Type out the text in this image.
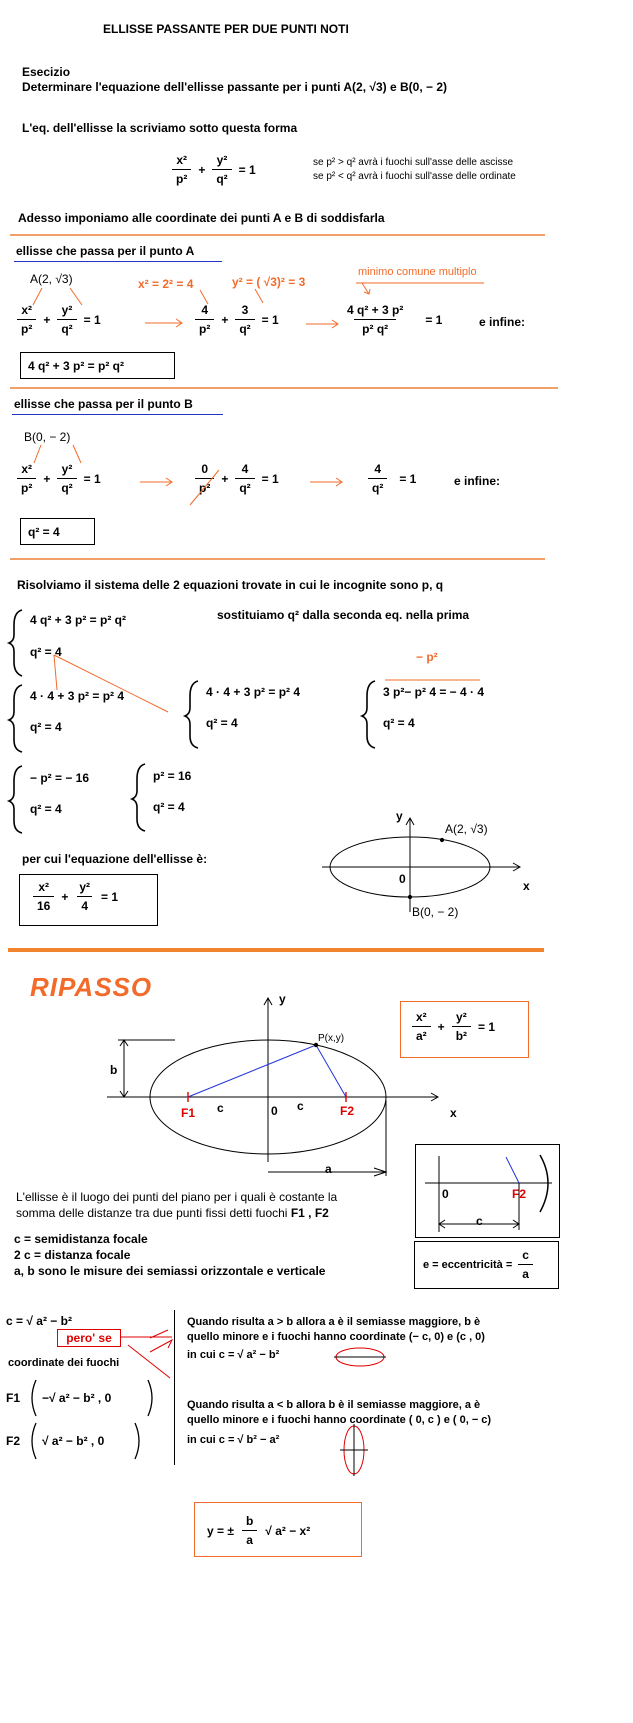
ELLISSE PASSANTE PER DUE PUNTI NOTI
Esecizio
Determinare l'equazione dell'ellisse passante per i punti A(2, √3) e B(0, − 2)
L'eq. dell'ellisse la scriviamo sotto questa forma
$\frac{\text{x²}}{\text{p²}} + \frac{\text{y²}}{\text{q²}} = 1$	se p² > q² avrà i fuochi sull'asse delle ascisse
se p² < q² avrà i fuochi sull'asse delle ordinate
Adesso imponiamo alle coordinate dei punti A e B di soddisfarla
ellisse che passa per il punto A
A(2, √3)	x² = 2² = 4	y² = ( √3)² = 3
minimo comune multiplo
$\frac{\text{x²}}{\text{p²}} + \frac{\text{y²}}{\text{q²}} = 1$	$\frac{4}{\text{p²}} + \frac{3}{\text{q²}} = 1$	$\frac{\text{4 q² + 3 p²}}{\text{p² q²}} = 1$	e infine:
4 q² + 3 p² = p² q²
ellisse che passa per il punto B
B(0, − 2)
$\frac{\text{x²}}{\text{p²}} + \frac{\text{y²}}{\text{q²}} = 1$	$\frac{0}{\text{p²}} + \frac{4}{\text{q²}} = 1$	$\frac{4}{\text{q²}} = 1$	e infine:
q² = 4
Risolviamo il sistema delle 2 equazioni trovate in cui le incognite sono p, q
sostituiamo q² dalla seconda eq. nella prima
4 q² + 3 p² = p² q²
q² = 4
4 · 4 + 3 p² = p² 4
q² = 4
4 · 4 + 3 p² = p² 4
q² = 4
− p²
3 p²− p² 4 = − 4 · 4
q² = 4
− p² = − 16
q² = 4
p² = 16
q² = 4
per cui l'equazione dell'ellisse è:
$\frac{\text{x²}}{16} + \frac{\text{y²}}{4} = 1$
y
x
0
A(2, √3)
B(0, − 2)
RIPASSO
$\frac{\text{x²}}{\text{a²}} + \frac{\text{y²}}{\text{b²}} = 1$
y
x
P(x,y)
b
a
c	c
0
F1	F2
0	F2
c
L'ellisse è il luogo dei punti del piano per i quali è costante la
somma delle distanze tra due punti fissi detti fuochi F1 , F2
c = semidistanza focale
2 c = distanza focale
a, b sono le misure dei semiassi orizzontale e verticale	e = eccentricità = $\frac{c}{a}$
c = √ a² − b²
pero' se
coordinate dei fuochi
F1 −√ a² − b² , 0
F2 √ a² − b² , 0
Quando risulta a > b allora a è il semiasse maggiore, b è
quello minore e i fuochi hanno coordinate (− c, 0) e (c , 0)
in cui c = √ a² − b²
Quando risulta a < b allora b è il semiasse maggiore, a è
quello minore e i fuochi hanno coordinate ( 0, c ) e ( 0, − c)
in cui c = √ b² − a²
y = ± $\frac{b}{a}$ √ a² − x²
